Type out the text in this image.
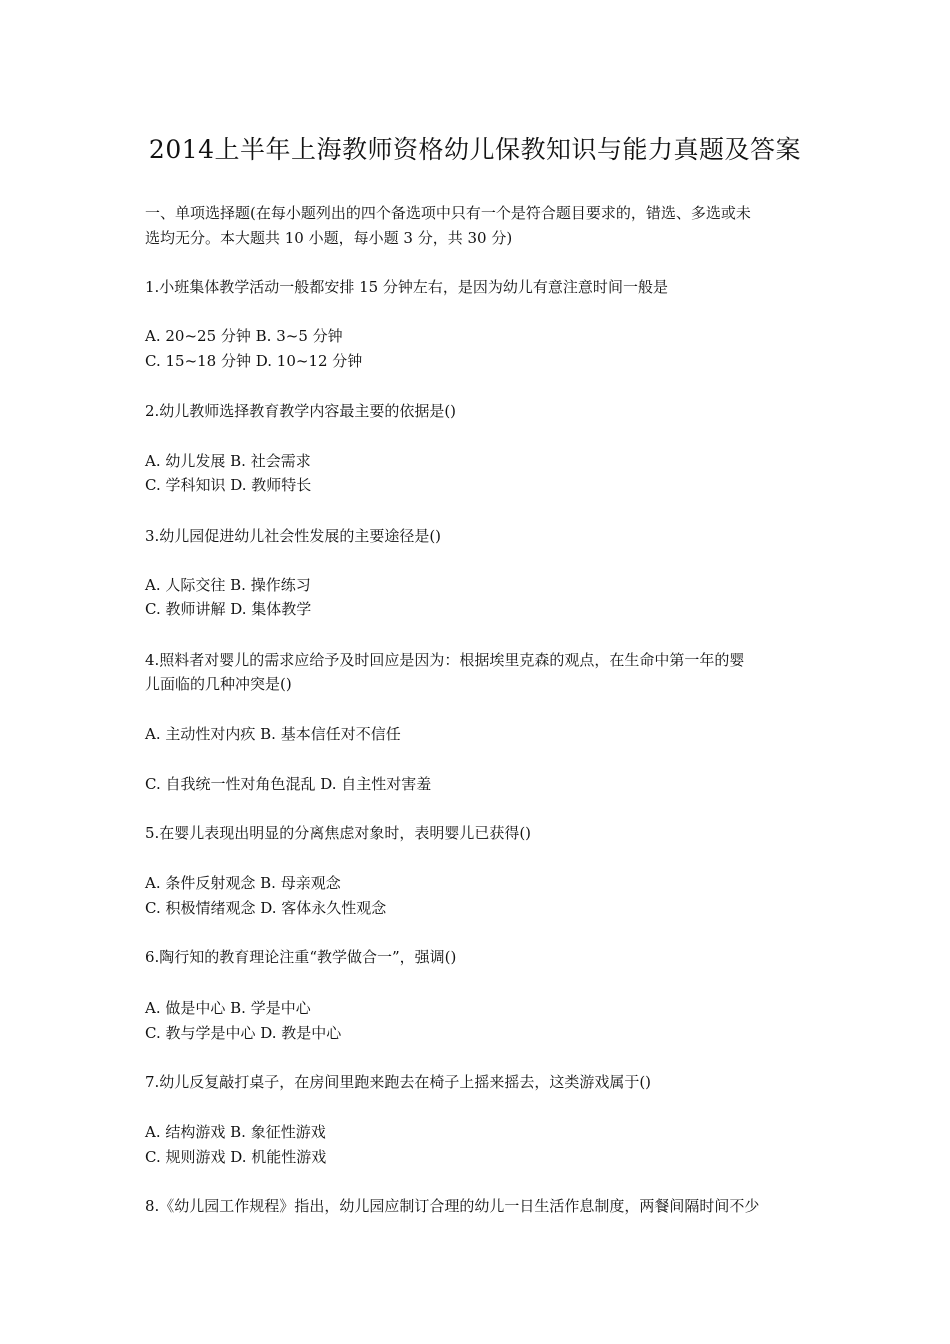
2014上半年上海教师资格幼儿保教知识与能力真题及答案
一、单项选择题(在每小题列出的四个备选项中只有一个是符合题目要求的，错选、多选或未
选均无分。本大题共 10 小题，每小题 3 分，共 30 分)
1.小班集体教学活动一般都安排 15 分钟左右，是因为幼儿有意注意时间一般是
A. 20~25 分钟 B. 3~5 分钟
C. 15~18 分钟 D. 10~12 分钟
2.幼儿教师选择教育教学内容最主要的依据是()
A. 幼儿发展 B. 社会需求
C. 学科知识 D. 教师特长
3.幼儿园促进幼儿社会性发展的主要途径是()
A. 人际交往 B. 操作练习
C. 教师讲解 D. 集体教学
4.照料者对婴儿的需求应给予及时回应是因为：根据埃里克森的观点，在生命中第一年的婴
儿面临的几种冲突是()
A. 主动性对内疚 B. 基本信任对不信任
C. 自我统一性对角色混乱 D. 自主性对害羞
5.在婴儿表现出明显的分离焦虑对象时，表明婴儿已获得()
A. 条件反射观念 B. 母亲观念
C. 积极情绪观念 D. 客体永久性观念
6.陶行知的教育理论注重“教学做合一”，强调()
A. 做是中心 B. 学是中心
C. 教与学是中心 D. 教是中心
7.幼儿反复敲打桌子，在房间里跑来跑去在椅子上摇来摇去，这类游戏属于()
A. 结构游戏 B. 象征性游戏
C. 规则游戏 D. 机能性游戏
8.《幼儿园工作规程》指出，幼儿园应制订合理的幼儿一日生活作息制度，两餐间隔时间不少
